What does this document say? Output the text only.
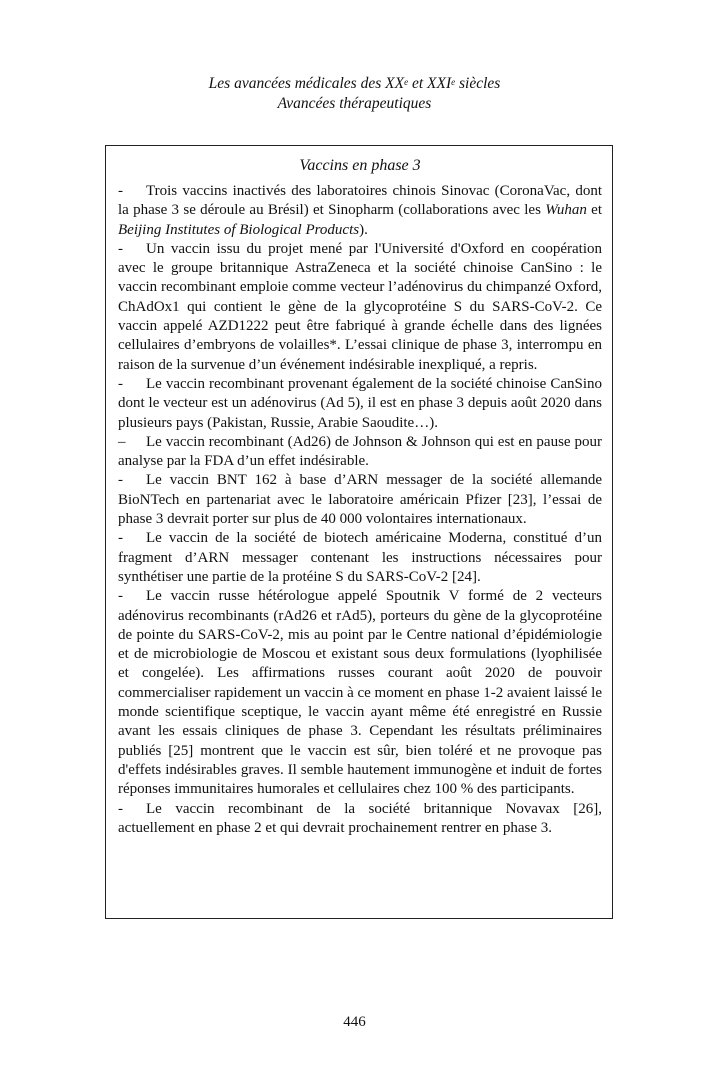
Les avancées médicales des XXe et XXIe siècles
Avancées thérapeutiques
Vaccins en phase 3

- Trois vaccins inactivés des laboratoires chinois Sinovac (CoronaVac, dont la phase 3 se déroule au Brésil) et Sinopharm (collaborations avec les Wuhan et Beijing Institutes of Biological Products).

- Un vaccin issu du projet mené par l'Université d'Oxford en coopération avec le groupe britannique AstraZeneca et la société chinoise CanSino : le vaccin recombinant emploie comme vecteur l’adénovirus du chimpanzé Oxford, ChAdOx1 qui contient le gène de la glycoprotéine S du SARS-CoV-2. Ce vaccin appelé AZD1222 peut être fabriqué à grande échelle dans des lignées cellulaires d’embryons de volailles*. L’essai clinique de phase 3, interrompu en raison de la survenue d’un événement indésirable inexpliqué, a repris.

- Le vaccin recombinant provenant également de la société chinoise CanSino dont le vecteur est un adénovirus (Ad 5), il est en phase 3 depuis août 2020 dans plusieurs pays (Pakistan, Russie, Arabie Saoudite…).

– Le vaccin recombinant (Ad26) de Johnson & Johnson qui est en pause pour analyse par la FDA d’un effet indésirable.

- Le vaccin BNT 162 à base d’ARN messager de la société allemande BioNTech en partenariat avec le laboratoire américain Pfizer [23], l’essai de phase 3 devrait porter sur plus de 40 000 volontaires internationaux.

- Le vaccin de la société de biotech américaine Moderna, constitué d’un fragment d’ARN messager contenant les instructions nécessaires pour synthétiser une partie de la protéine S du SARS-CoV-2 [24].

- Le vaccin russe hétérologue appelé Spoutnik V formé de 2 vecteurs adénovirus recombinants (rAd26 et rAd5), porteurs du gène de la glycoprotéine de pointe du SARS-CoV-2, mis au point par le Centre national d’épidémiologie et de microbiologie de Moscou et existant sous deux formulations (lyophilisée et congelée). Les affirmations russes courant août 2020 de pouvoir commercialiser rapidement un vaccin à ce moment en phase 1-2 avaient laissé le monde scientifique sceptique, le vaccin ayant même été enregistré en Russie avant les essais cliniques de phase 3. Cependant les résultats préliminaires publiés [25] montrent que le vaccin est sûr, bien toléré et ne provoque pas d'effets indésirables graves. Il semble hautement immunogène et induit de fortes réponses immunitaires humorales et cellulaires chez 100 % des participants.

- Le vaccin recombinant de la société britannique Novavax [26], actuellement en phase 2 et qui devrait prochainement rentrer en phase 3.

446
